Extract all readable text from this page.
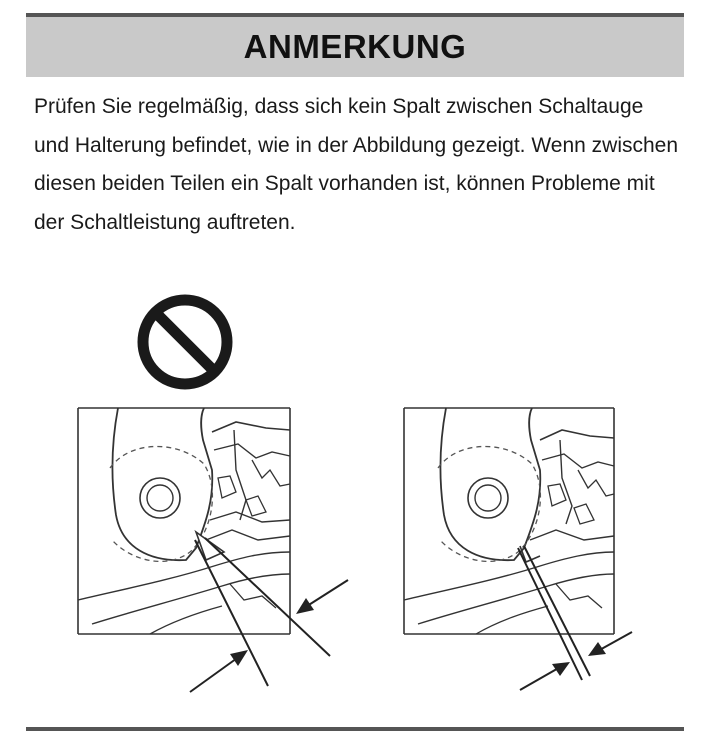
ANMERKUNG

Prüfen Sie regelmäßig, dass sich kein Spalt zwischen Schaltauge und Halterung befindet, wie in der Abbildung gezeigt. Wenn zwischen diesen beiden Teilen ein Spalt vorhanden ist, können Probleme mit der Schaltleistung auftreten.
